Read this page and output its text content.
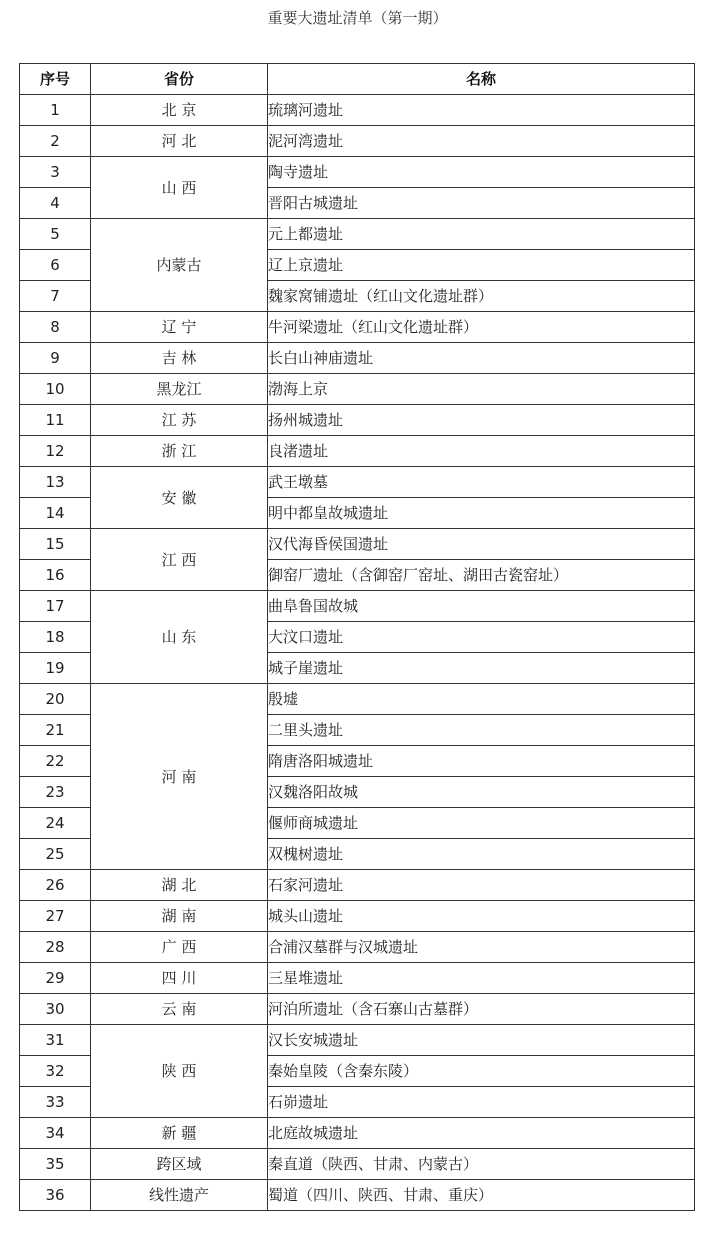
重要大遗址清单（第一期）
序号	省份	名称
1	北 京	琉璃河遗址
2	河 北	泥河湾遗址
3	山 西	陶寺遗址
4		晋阳古城遗址
5	内蒙古	元上都遗址
6		辽上京遗址
7		魏家窝铺遗址（红山文化遗址群）
8	辽 宁	牛河梁遗址（红山文化遗址群）
9	吉 林	长白山神庙遗址
10	黑龙江	渤海上京
11	江 苏	扬州城遗址
12	浙 江	良渚遗址
13	安 徽	武王墩墓
14		明中都皇故城遗址
15	江 西	汉代海昏侯国遗址
16		御窑厂遗址（含御窑厂窑址、湖田古瓷窑址）
17	山 东	曲阜鲁国故城
18		大汶口遗址
19		城子崖遗址
20	河 南	殷墟
21		二里头遗址
22		隋唐洛阳城遗址
23		汉魏洛阳故城
24		偃师商城遗址
25		双槐树遗址
26	湖 北	石家河遗址
27	湖 南	城头山遗址
28	广 西	合浦汉墓群与汉城遗址
29	四 川	三星堆遗址
30	云 南	河泊所遗址（含石寨山古墓群）
31	陕 西	汉长安城遗址
32		秦始皇陵（含秦东陵）
33		石峁遗址
34	新 疆	北庭故城遗址
35	跨区域	秦直道（陕西、甘肃、内蒙古）
36	线性遗产	蜀道（四川、陕西、甘肃、重庆）
